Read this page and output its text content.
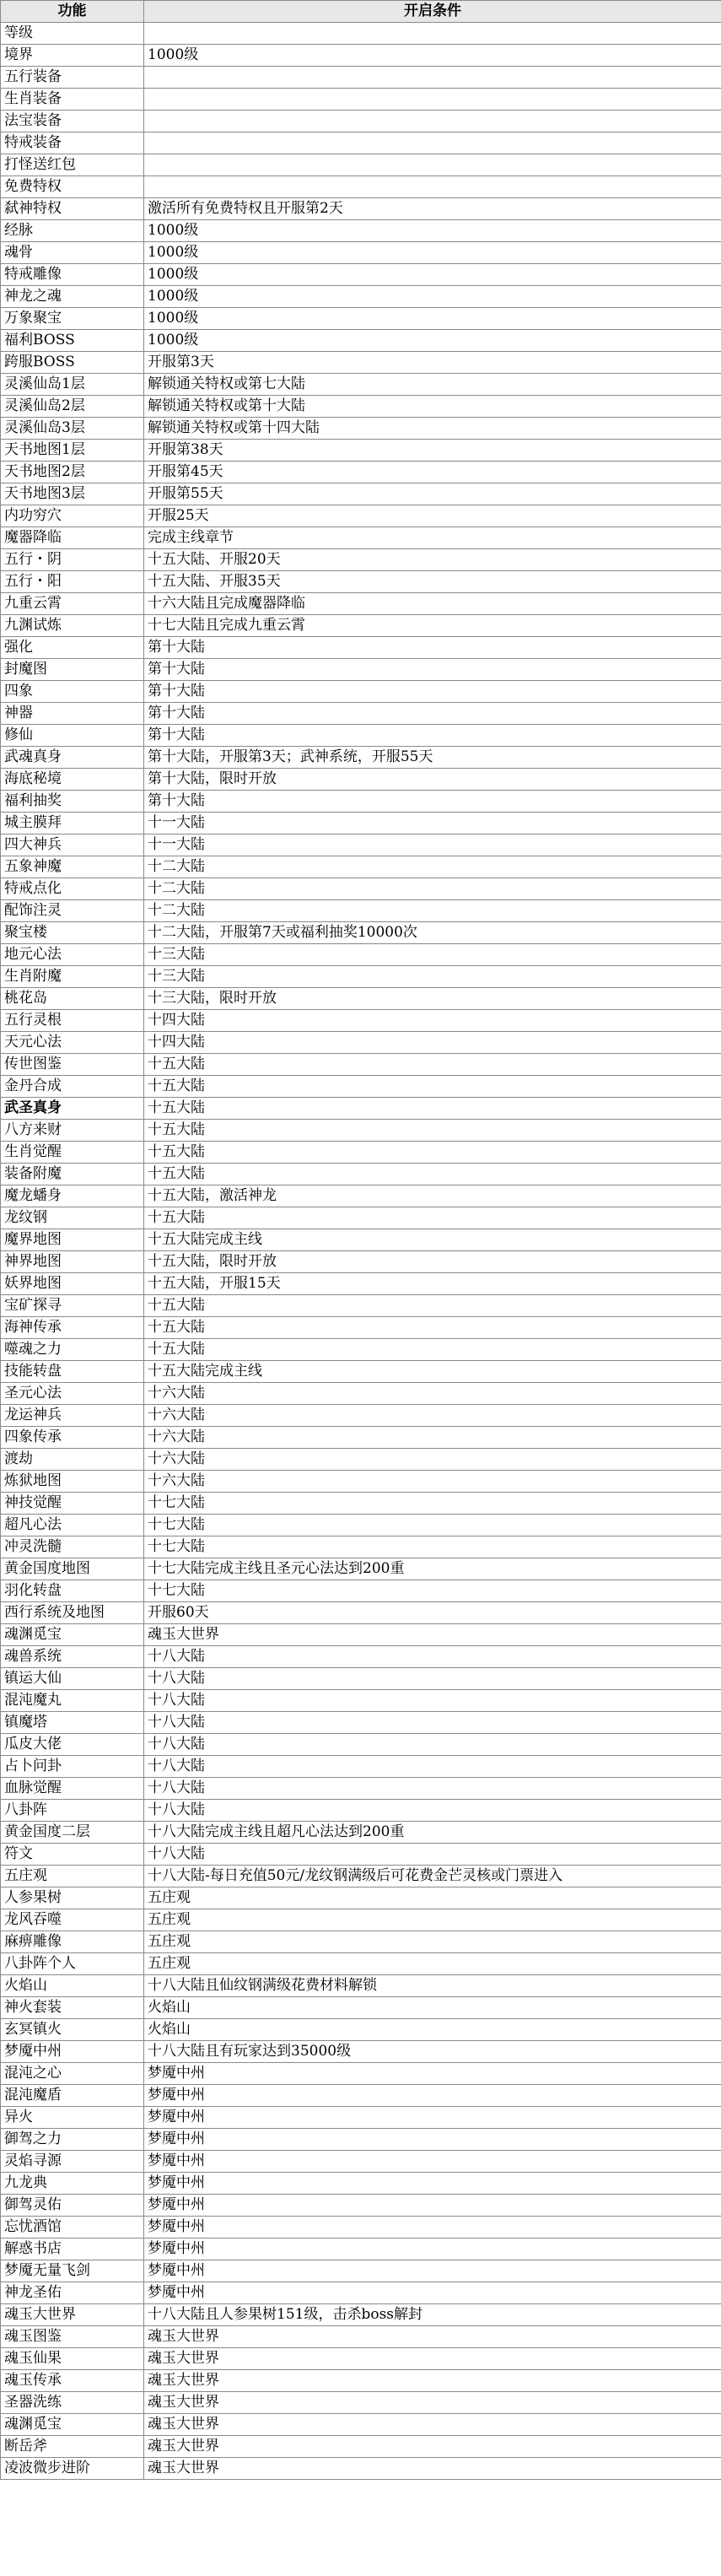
功能	开启条件
等级	
境界	1000级
五行装备	
生肖装备	
法宝装备	
特戒装备	
打怪送红包	
免费特权	
弑神特权	激活所有免费特权且开服第2天
经脉	1000级
魂骨	1000级
特戒雕像	1000级
神龙之魂	1000级
万象聚宝	1000级
福利BOSS	1000级
跨服BOSS	开服第3天
灵溪仙岛1层	解锁通关特权或第七大陆
灵溪仙岛2层	解锁通关特权或第十大陆
灵溪仙岛3层	解锁通关特权或第十四大陆
天书地图1层	开服第38天
天书地图2层	开服第45天
天书地图3层	开服第55天
内功穷穴	开服25天
魔器降临	完成主线章节
五行・阴	十五大陆、开服20天
五行・阳	十五大陆、开服35天
九重云霄	十六大陆且完成魔器降临
九渊试炼	十七大陆且完成九重云霄
强化	第十大陆
封魔图	第十大陆
四象	第十大陆
神器	第十大陆
修仙	第十大陆
武魂真身	第十大陆，开服第3天；武神系统，开服55天
海底秘境	第十大陆，限时开放
福利抽奖	第十大陆
城主膜拜	十一大陆
四大神兵	十一大陆
五象神魔	十二大陆
特戒点化	十二大陆
配饰注灵	十二大陆
聚宝楼	十二大陆，开服第7天或福利抽奖10000次
地元心法	十三大陆
生肖附魔	十三大陆
桃花岛	十三大陆，限时开放
五行灵根	十四大陆
天元心法	十四大陆
传世图鉴	十五大陆
金丹合成	十五大陆
武圣真身	十五大陆
八方来财	十五大陆
生肖觉醒	十五大陆
装备附魔	十五大陆
魔龙蟠身	十五大陆，激活神龙
龙纹钢	十五大陆
魔界地图	十五大陆完成主线
神界地图	十五大陆，限时开放
妖界地图	十五大陆，开服15天
宝矿探寻	十五大陆
海神传承	十五大陆
噬魂之力	十五大陆
技能转盘	十五大陆完成主线
圣元心法	十六大陆
龙运神兵	十六大陆
四象传承	十六大陆
渡劫	十六大陆
炼狱地图	十六大陆
神技觉醒	十七大陆
超凡心法	十七大陆
冲灵洗髓	十七大陆
黄金国度地图	十七大陆完成主线且圣元心法达到200重
羽化转盘	十七大陆
西行系统及地图	开服60天
魂渊觅宝	魂玉大世界
魂兽系统	十八大陆
镇运大仙	十八大陆
混沌魔丸	十八大陆
镇魔塔	十八大陆
瓜皮大佬	十八大陆
占卜问卦	十八大陆
血脉觉醒	十八大陆
八卦阵	十八大陆
黄金国度二层	十八大陆完成主线且超凡心法达到200重
符文	十八大陆
五庄观	十八大陆-每日充值50元/龙纹钢满级后可花费金芒灵核或门票进入
人参果树	五庄观
龙风吞噬	五庄观
麻痹雕像	五庄观
八卦阵个人	五庄观
火焰山	十八大陆且仙纹钢满级花费材料解锁
神火套装	火焰山
玄冥镇火	火焰山
梦魇中州	十八大陆且有玩家达到35000级
混沌之心	梦魇中州
混沌魔盾	梦魇中州
异火	梦魇中州
御驾之力	梦魇中州
灵焰寻源	梦魇中州
九龙典	梦魇中州
御驾灵佑	梦魇中州
忘忧酒馆	梦魇中州
解惑书店	梦魇中州
梦魇无量飞剑	梦魇中州
神龙圣佑	梦魇中州
魂玉大世界	十八大陆且人参果树151级，击杀boss解封
魂玉图鉴	魂玉大世界
魂玉仙果	魂玉大世界
魂玉传承	魂玉大世界
圣器洗练	魂玉大世界
魂渊觅宝	魂玉大世界
断岳斧	魂玉大世界
凌波微步进阶	魂玉大世界
